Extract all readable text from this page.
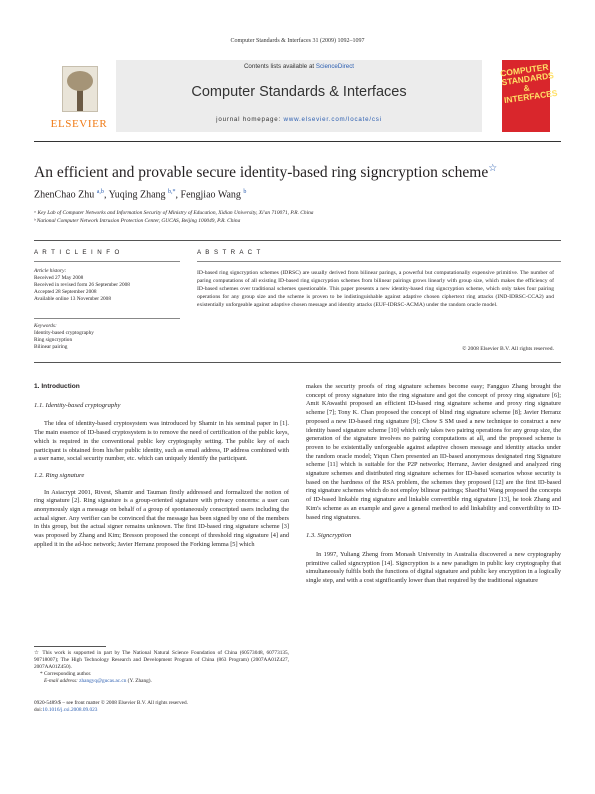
Computer Standards & Interfaces 31 (2009) 1092–1097
ELSEVIER
Contents lists available at ScienceDirect
Computer Standards & Interfaces
journal homepage: www.elsevier.com/locate/csi
COMPUTER STANDARDS & INTERFACES
An efficient and provable secure identity-based ring signcryption scheme☆
ZhenChao Zhu $^{a,b}$, Yuqing Zhang $^{b,*}$, Fengjiao Wang $^b$
ᵃ Key Lab of Computer Networks and Information Security of Ministry of Education, Xidian University, Xi'an 710071, P.R. China
ᵇ National Computer Network Intrusion Protection Center, GUCAS, Beijing 100049, P.R. China
A R T I C L E I N F O	A B S T R A C T
Article history:
Received 27 May 2008
Received in revised form 26 September 2008
Accepted 28 September 2008
Available online 13 November 2008
Keywords:
Identity-based cryptography
Ring signcryption
Bilinear pairing
ID-based ring signcryption schemes (IDRSC) are usually derived from bilinear parings, a powerful but computationally expensive primitive. The number of paring computations of all existing ID-based ring signcryption schemes from bilinear pairings grows linearly with group size, which makes the efficiency of ID-based schemes over traditional schemes questionable. This paper presents a new identity-based ring signcryption scheme, which only takes four pairing operations for any group size and the scheme is proven to be indistinguishable against adaptive chosen ciphertext ring attacks (IND-IDRSC-CCA2) and existentially unforgeable against adaptive chosen message and identity attacks (EUF-IDRSC-ACMA) under the random oracle model.
© 2008 Elsevier B.V. All rights reserved.
1. Introduction
1.1. Identity-based cryptography

The idea of identity-based cryptosystem was introduced by Shamir in his seminal paper in [1]. The main essence of ID-based cryptosystem is to remove the need of certification of the public keys, which is required in the conventional public key cryptography setting. The public key of each participant is obtained from his/her public identity, such as email address, IP address combined with a user name, social security number, etc. which can uniquely identify the participant.

1.2. Ring signature

In Asiacrypt 2001, Rivest, Shamir and Tauman firstly addressed and formalized the notion of ring signature [2]. Ring signature is a group-oriented signature with privacy concerns: a user can anonymously sign a message on behalf of a group of spontaneously conscripted users including the actual signer. Any verifier can be convinced that the message has been signed by one of the members in this group, but the actual signer remains unknown. The first ID-based ring signature scheme [3] was proposed by Zhang and Kim; Bresson proposed the concept of threshold ring signature [4] and applied it in the ad-hoc network; Javier Herranz proposed the Forking lemma [5] which

☆ This work is supported in part by The National Natural Science Foundation of China (60573048, 60773135, 90718007); The High Technology Research and Development Program of China (863 Program) (2007AA01Z427, 2007AA01Z450).
* Corresponding author.
E-mail address: zhangyq@gucas.ac.cn (Y. Zhang).
0920-5489/$ – see front matter © 2008 Elsevier B.V. All rights reserved.
doi:10.1016/j.csi.2008.09.023

makes the security proofs of ring signature schemes become easy; Fangguo Zhang brought the concept of proxy signature into the ring signature and got the concept of proxy ring signature [6]; Amit KAwasthi proposed an efficient ID-based ring signature scheme and proxy ring signature scheme [7]; Tony K. Chan proposed the concept of blind ring signature scheme [8]; Javier Herranz proposed a new ID-based ring signature [9]; Chow S SM used a new technique to construct a new identity based signature scheme [10] which only takes two pairing operations for any group size, the generation of the signature involves no pairing computations at all, and the proposed scheme is proven to be existentially unforgeable against adaptive chosen message and identity attacks under the random oracle model; Yiqun Chen presented an ID-based anonymous designated ring Signature scheme [11] which is suitable for the P2P networks; Herranz, Javier designed and analyzed ring signature schemes and distributed ring signature schemes for ID-based scenarios whose security is based on the hardness of the RSA problem, the schemes they proposed [12] are the first ID-based ring signature schemes which do not employ bilinear pairings; ShaoHui Wang proposed the concepts of ID-based linkable ring signature and linkable convertible ring signature [13], he took Zhang and Kim's scheme as an example and gave a general method to add linkability and convertibility to ID-based ring signatures.

1.3. Signcryption

In 1997, Yuliang Zheng from Monash University in Australia discovered a new cryptography primitive called signcryption [14]. Signcryption is a new paradigm in public key cryptography that simultaneously fulfils both the functions of digital signature and public key encryption in a logically single step, and with a cost significantly lower than that required by the traditional signature
